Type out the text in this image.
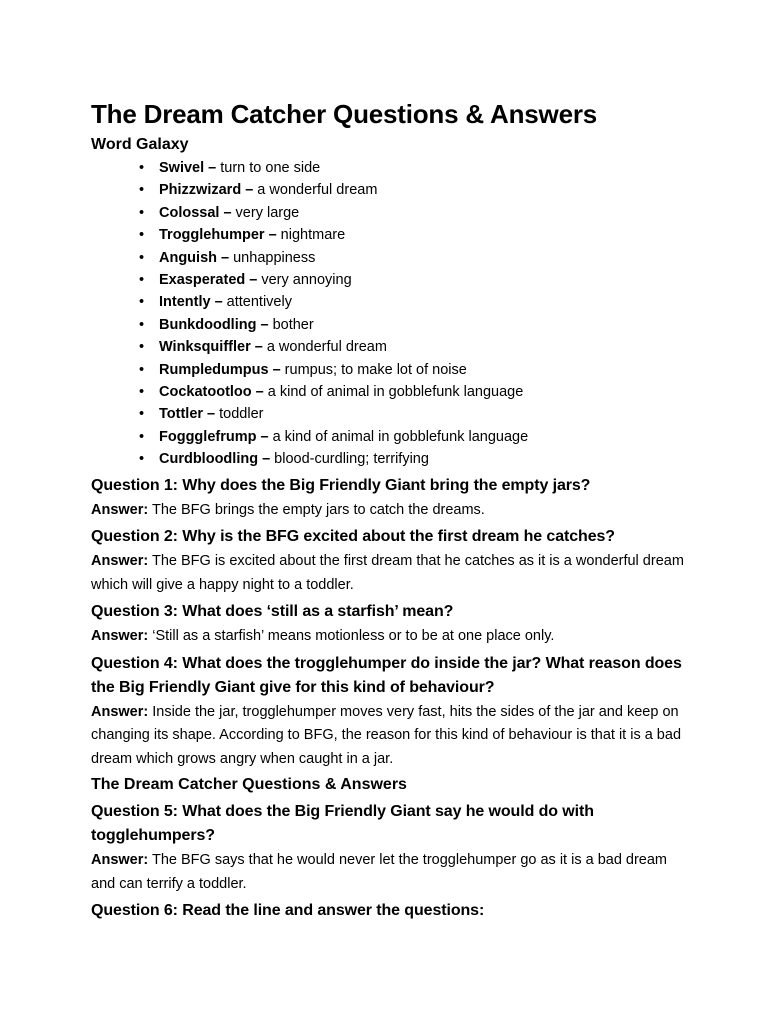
The Dream Catcher Questions & Answers
Word Galaxy
• Swivel – turn to one side
• Phizzwizard – a wonderful dream
• Colossal – very large
• Trogglehumper – nightmare
• Anguish – unhappiness
• Exasperated – very annoying
• Intently – attentively
• Bunkdoodling – bother
• Winksquiffler – a wonderful dream
• Rumpledumpus – rumpus; to make lot of noise
• Cockatootloo – a kind of animal in gobblefunk language
• Tottler – toddler
• Foggglefrump – a kind of animal in gobblefunk language
• Curdbloodling – blood-curdling; terrifying
Question 1: Why does the Big Friendly Giant bring the empty jars?

Answer: The BFG brings the empty jars to catch the dreams.

Question 2: Why is the BFG excited about the first dream he catches?

Answer: The BFG is excited about the first dream that he catches as it is a wonderful dream which will give a happy night to a toddler.

Question 3: What does ‘still as a starfish’ mean?

Answer: ‘Still as a starfish’ means motionless or to be at one place only.

Question 4: What does the trogglehumper do inside the jar? What reason does the Big Friendly Giant give for this kind of behaviour?

Answer: Inside the jar, trogglehumper moves very fast, hits the sides of the jar and keep on changing its shape. According to BFG, the reason for this kind of behaviour is that it is a bad dream which grows angry when caught in a jar.

The Dream Catcher Questions & Answers
Question 5: What does the Big Friendly Giant say he would do with togglehumpers?

Answer: The BFG says that he would never let the trogglehumper go as it is a bad dream and can terrify a toddler.

Question 6: Read the line and answer the questions:
